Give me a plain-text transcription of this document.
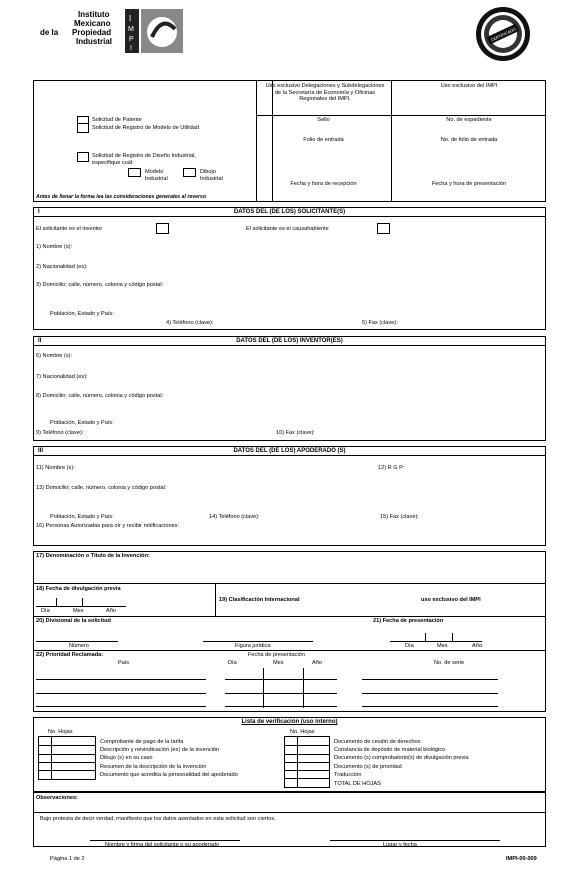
Instituto
Mexicano
de la Propiedad
Industrial
I
M
P
I
CERTIFICADO
Solicitud de Patente
Solicitud de Registro de Modelo de Utilidad
Solicitud de Registro de Diseño Industrial,
especifique cuál:
Modelo
Industrial
Dibujo
Industrial
Antes de llenar la forma lea las consideraciones generales al reverso
Uso exclusivo Delegaciones y Subdelegaciones de la Secretaría de Economía y Oficinas Regionales del IMPI.
Uso exclusivo del IMPI
Sello	No. de expediente
Folio de entrada	No. de folio de entrada
Fecha y hora de recepción	Fecha y hora de presentación
I	DATOS DEL (DE LOS) SOLICITANTE(S)
El solicitante es el inventor	El solicitante es el causahabiente
1) Nombre (s):
2) Nacionalidad (es):
3) Domicilio; calle, número, colonia y código postal:
Población, Estado y País:
4) Teléfono (clave):	5) Fax (clave):
II	DATOS DEL (DE LOS) INVENTOR(ES)
6) Nombre (s):
7) Nacionalidad (es):
8) Domicilio; calle, número, colonia y código postal:
Población, Estado y País:
9) Teléfono (clave):	10) Fax (clave):
III	DATOS DEL (DE LOS) APODERADO (S)
11) Nombre (s):	12) R G P:
13) Domicilio; calle, número, colonia y código postal:
Población, Estado y País:	14) Teléfono (clave):	15) Fax (clave):
16) Personas Autorizadas para oír y recibir notificaciones:
17) Denominación o Título de la Invención:
18) Fecha de divulgación previa
Día	Mes	Año
19) Clasificación Internacional	uso exclusivo del IMPI
20) Divisional de la solicitud	21) Fecha de presentación
Número	Figura jurídica	Día	Mes	Año
22) Prioridad Reclamada:	Fecha de presentación
País	Día	Mes	Año	No. de serie
Lista de verificación (uso interno)
No. Hojas	No. Hojas
Comprobante de pago de la tarifa
Descripción y reivindicación (es) de la invención
Dibujo (s) en su caso
Resumen de la descripción de la invención
Documento que acredita la personalidad del apoderado
Documento de cesión de derechos
Constancia de depósito de material biológico
Documento (s) comprobatorio(s) de divulgación previa
Documento (s) de prioridad
Traducción
TOTAL DE HOJAS
Observaciones:
Bajo protesta de decir verdad, manifiesto que los datos asentados en esta solicitud son ciertos.
Nombre y firma del solicitante o su apoderado	Lugar y fecha
Página 1 de 2	IMPI-00-009
